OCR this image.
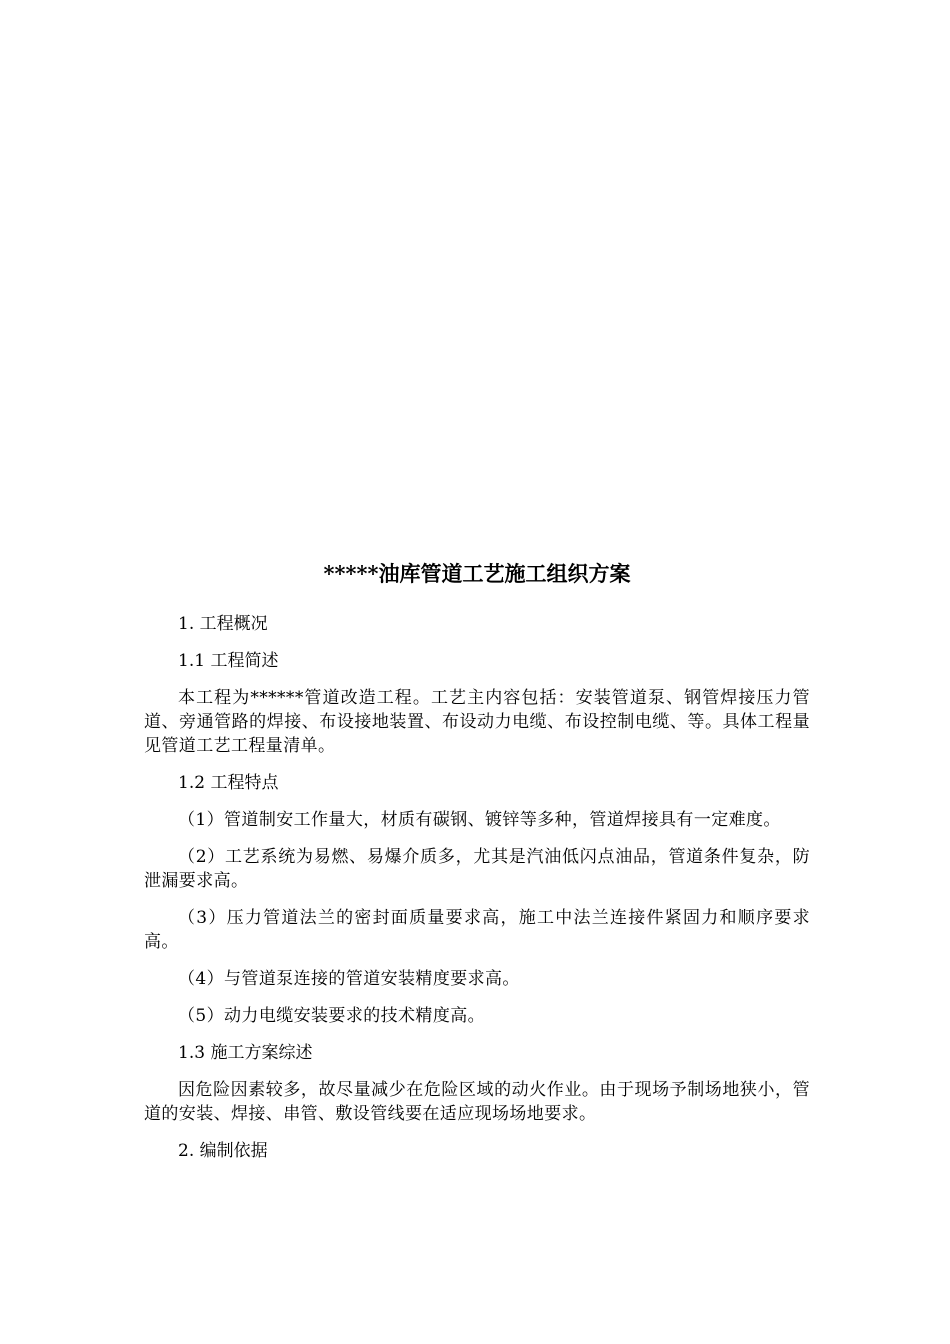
*****油库管道工艺施工组织方案

1. 工程概况

1.1 工程简述

本工程为******管道改造工程。工艺主内容包括：安装管道泵、钢管焊接压力管道、旁通管路的焊接、布设接地装置、布设动力电缆、布设控制电缆、等。具体工程量见管道工艺工程量清单。

1.2 工程特点

（1）管道制安工作量大，材质有碳钢、镀锌等多种，管道焊接具有一定难度。

（2）工艺系统为易燃、易爆介质多，尤其是汽油低闪点油品，管道条件复杂，防泄漏要求高。

（3）压力管道法兰的密封面质量要求高，施工中法兰连接件紧固力和顺序要求高。

（4）与管道泵连接的管道安装精度要求高。

（5）动力电缆安装要求的技术精度高。

1.3 施工方案综述

因危险因素较多，故尽量减少在危险区域的动火作业。由于现场予制场地狭小，管道的安装、焊接、串管、敷设管线要在适应现场场地要求。

2. 编制依据
